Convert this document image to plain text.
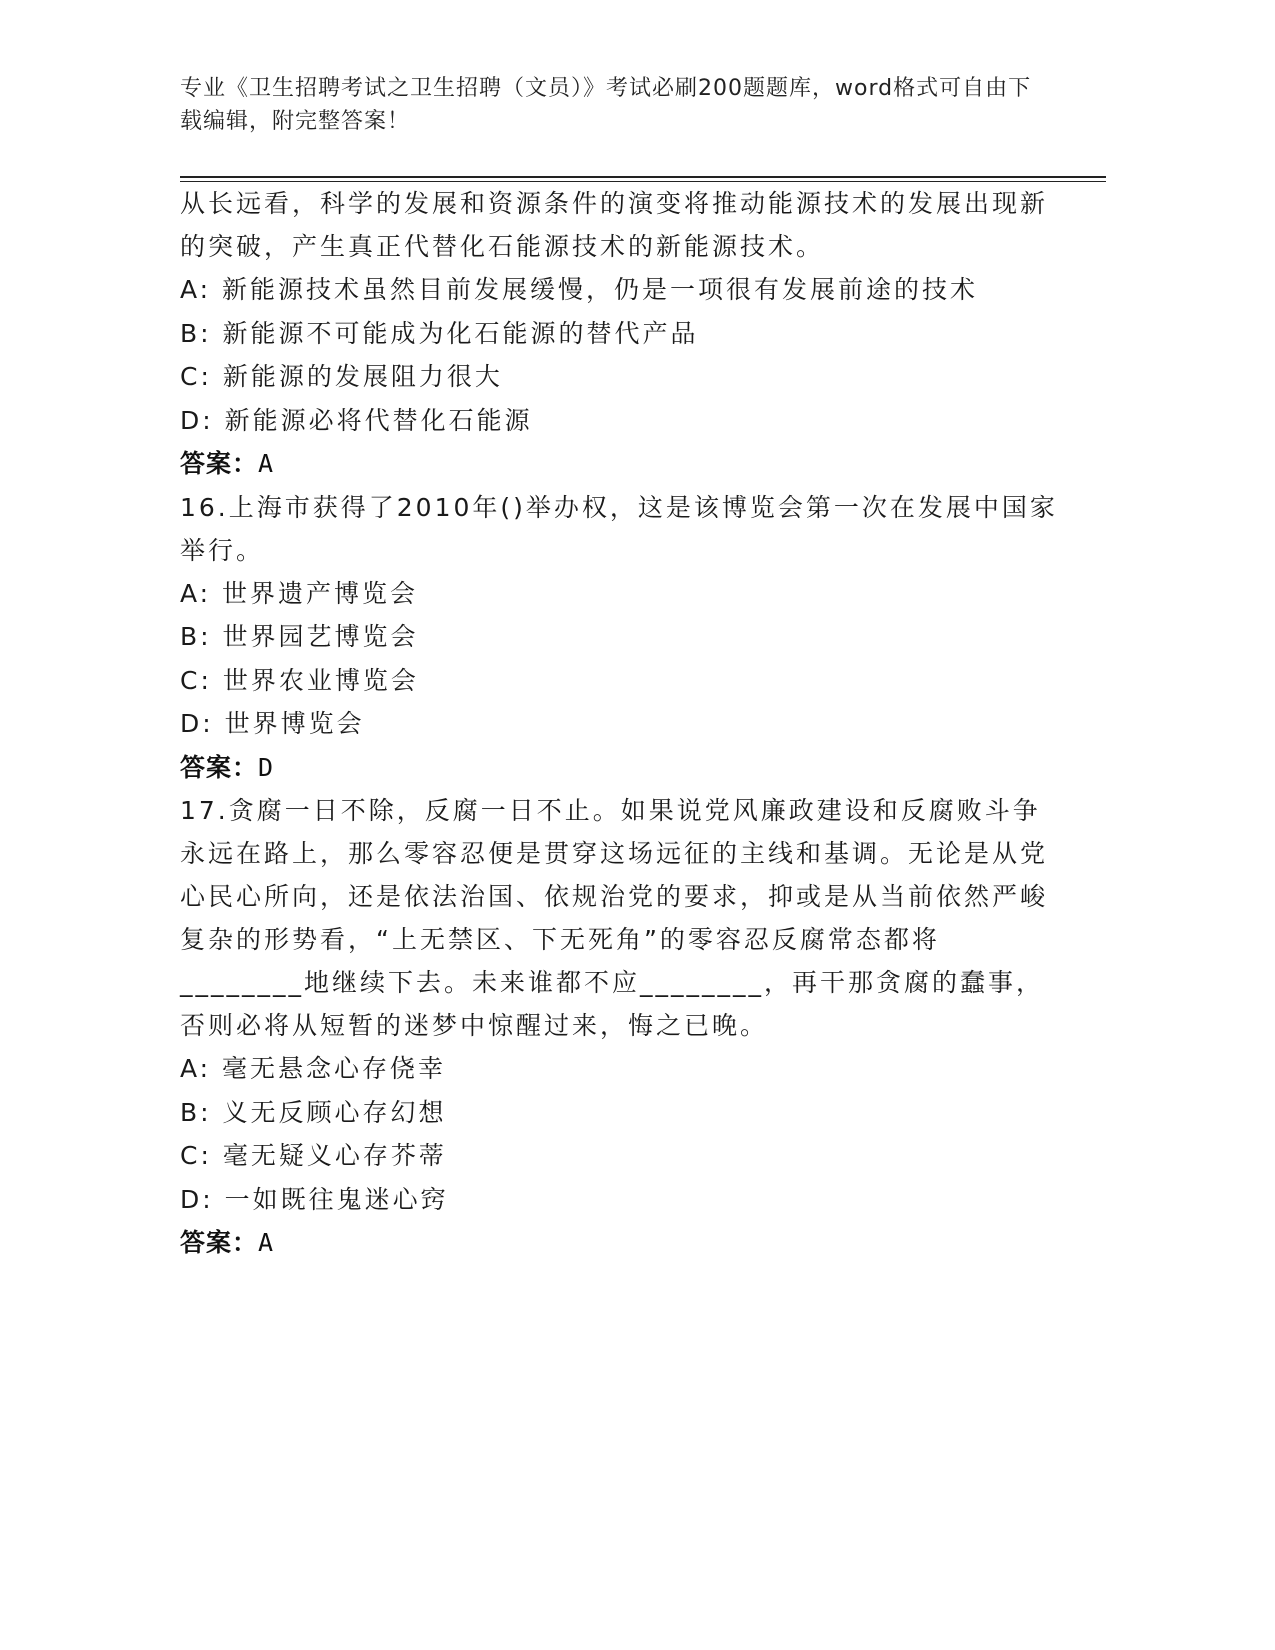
专业《卫生招聘考试之卫生招聘（文员）》考试必刷200题题库，word格式可自由下载编辑，附完整答案！

从长远看，科学的发展和资源条件的演变将推动能源技术的发展出现新的突破，产生真正代替化石能源技术的新能源技术。

A: 新能源技术虽然目前发展缓慢，仍是一项很有发展前途的技术

B: 新能源不可能成为化石能源的替代产品

C: 新能源的发展阻力很大

D: 新能源必将代替化石能源

答案：A

16.上海市获得了2010年()举办权，这是该博览会第一次在发展中国家举行。

A: 世界遗产博览会

B: 世界园艺博览会

C: 世界农业博览会

D: 世界博览会

答案：D

17.贪腐一日不除，反腐一日不止。如果说党风廉政建设和反腐败斗争永远在路上，那么零容忍便是贯穿这场远征的主线和基调。无论是从党心民心所向，还是依法治国、依规治党的要求，抑或是从当前依然严峻复杂的形势看，“上无禁区、下无死角”的零容忍反腐常态都将________地继续下去。未来谁都不应________，再干那贪腐的蠢事，否则必将从短暂的迷梦中惊醒过来，悔之已晚。

A: 毫无悬念心存侥幸

B: 义无反顾心存幻想

C: 毫无疑义心存芥蒂

D: 一如既往鬼迷心窍

答案：A
